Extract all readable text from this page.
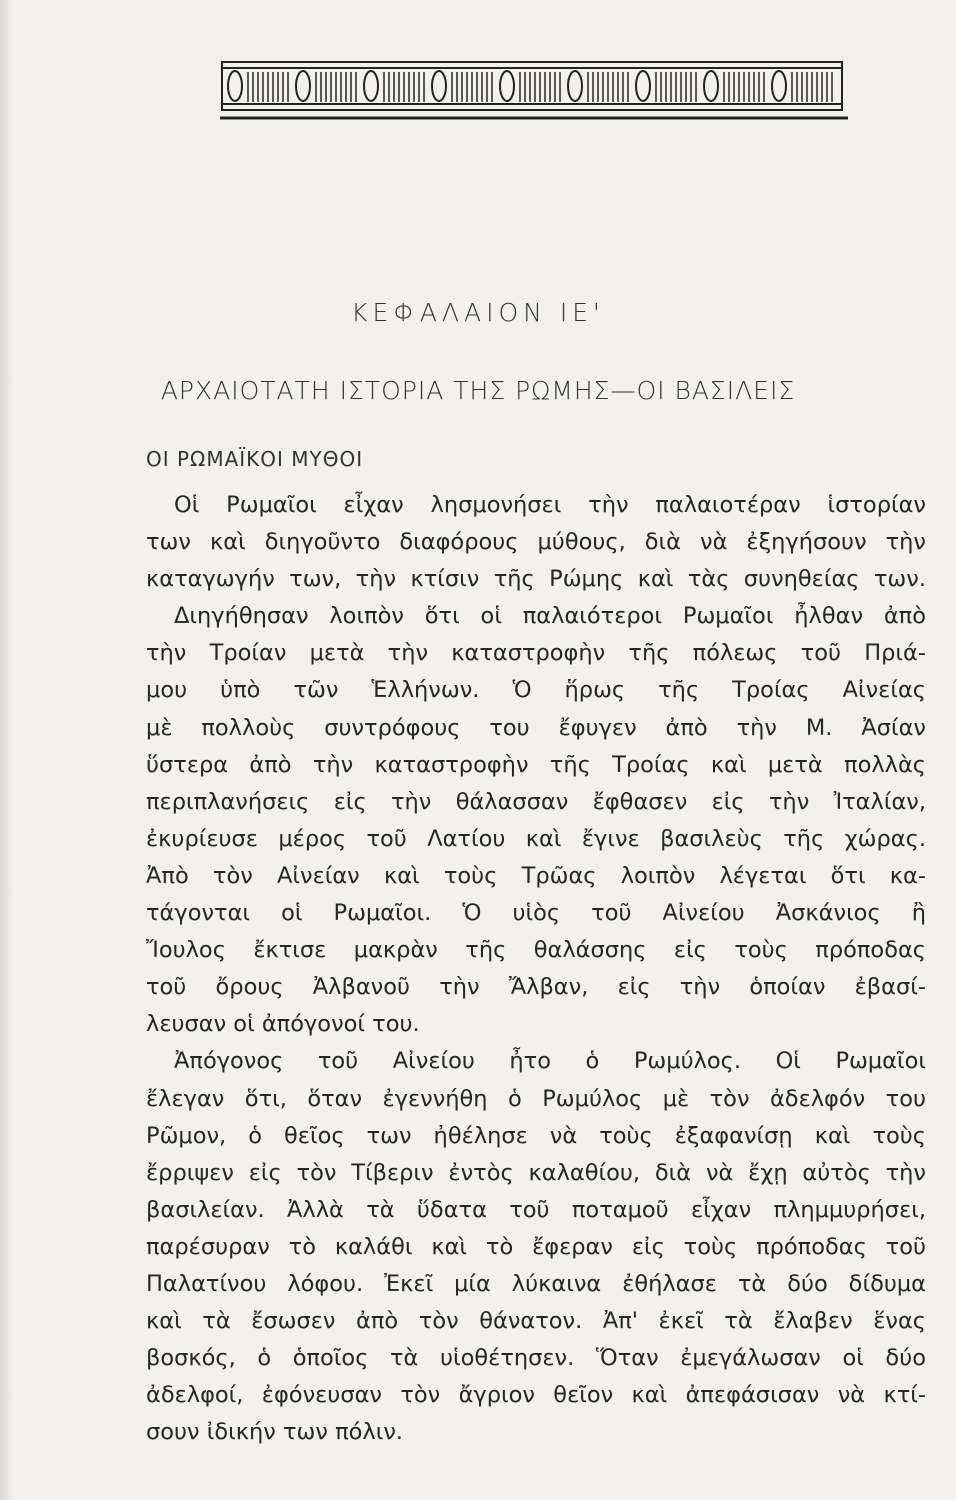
ΚΕΦΑΛΑΙΟΝ ΙΕ'
ΑΡΧΑΙΟΤΑΤΗ ΙΣΤΟΡΙΑ ΤΗΣ ΡΩΜΗΣ—ΟΙ ΒΑΣΙΛΕΙΣ
ΟΙ ΡΩΜΑΪΚΟΙ ΜΥΘΟΙ
Οἱ Ρωμαῖοι εἶχαν λησμονήσει τὴν παλαιοτέραν ἱστορίαν
των καὶ διηγοῦντο διαφόρους μύθους, διὰ νὰ ἐξηγήσουν τὴν
καταγωγήν των, τὴν κτίσιν τῆς Ρώμης καὶ τὰς συνηθείας των.
Διηγήθησαν λοιπὸν ὅτι οἱ παλαιότεροι Ρωμαῖοι ἦλθαν ἀπὸ
τὴν Τροίαν μετὰ τὴν καταστροφὴν τῆς πόλεως τοῦ Πριά-
μου ὑπὸ τῶν Ἑλλήνων. Ὁ ἥρως τῆς Τροίας Αἰνείας
μὲ πολλοὺς συντρόφους του ἔφυγεν ἀπὸ τὴν Μ. Ἀσίαν
ὕστερα ἀπὸ τὴν καταστροφὴν τῆς Τροίας καὶ μετὰ πολλὰς
περιπλανήσεις εἰς τὴν θάλασσαν ἔφθασεν εἰς τὴν Ἰταλίαν,
ἐκυρίευσε μέρος τοῦ Λατίου καὶ ἔγινε βασιλεὺς τῆς χώρας.
Ἀπὸ τὸν Αἰνείαν καὶ τοὺς Τρῶας λοιπὸν λέγεται ὅτι κα-
τάγονται οἱ Ρωμαῖοι. Ὁ υἱὸς τοῦ Αἰνείου Ἀσκάνιος ἢ
Ἴουλος ἔκτισε μακρὰν τῆς θαλάσσης εἰς τοὺς πρόποδας
τοῦ ὄρους Ἀλβανοῦ τὴν Ἄλβαν, εἰς τὴν ὁποίαν ἐβασί-
λευσαν οἱ ἀπόγονοί του.
Ἀπόγονος τοῦ Αἰνείου ἦτο ὁ Ρωμύλος. Οἱ Ρωμαῖοι
ἔλεγαν ὅτι, ὅταν ἐγεννήθη ὁ Ρωμύλος μὲ τὸν ἀδελφόν του
Ρῶμον, ὁ θεῖος των ἠθέλησε νὰ τοὺς ἐξαφανίσῃ καὶ τοὺς
ἔρριψεν εἰς τὸν Τίβεριν ἐντὸς καλαθίου, διὰ νὰ ἔχῃ αὐτὸς τὴν
βασιλείαν. Ἀλλὰ τὰ ὕδατα τοῦ ποταμοῦ εἶχαν πλημμυρήσει,
παρέσυραν τὸ καλάθι καὶ τὸ ἔφεραν εἰς τοὺς πρόποδας τοῦ
Παλατίνου λόφου. Ἐκεῖ μία λύκαινα ἐθήλασε τὰ δύο δίδυμα
καὶ τὰ ἔσωσεν ἀπὸ τὸν θάνατον. Ἀπ' ἐκεῖ τὰ ἔλαβεν ἕνας
βοσκός, ὁ ὁποῖος τὰ υἱοθέτησεν. Ὅταν ἐμεγάλωσαν οἱ δύο
ἀδελφοί, ἐφόνευσαν τὸν ἄγριον θεῖον καὶ ἀπεφάσισαν νὰ κτί-
σουν ἰδικήν των πόλιν.
